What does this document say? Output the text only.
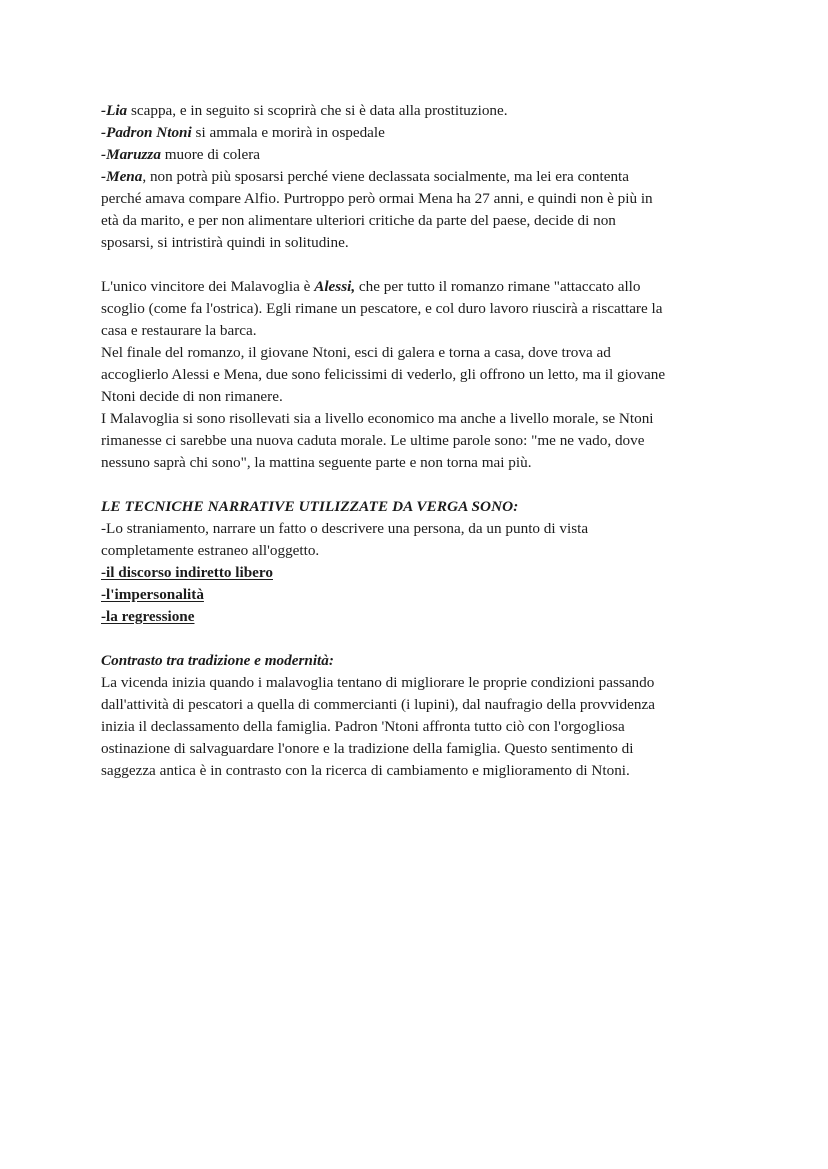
-Lia scappa, e in seguito si scoprirà che si è data alla prostituzione.
-Padron Ntoni si ammala e morirà in ospedale
-Maruzza muore di colera
-Mena, non potrà più sposarsi perché viene declassata socialmente, ma lei era contenta
perché amava compare Alfio. Purtroppo però ormai Mena ha 27 anni, e quindi non è più in
età da marito, e per non alimentare ulteriori critiche da parte del paese, decide di non
sposarsi, si intristirà quindi in solitudine.
L'unico vincitore dei Malavoglia è Alessi, che per tutto il romanzo rimane "attaccato allo
scoglio (come fa l'ostrica). Egli rimane un pescatore, e col duro lavoro riuscirà a riscattare la
casa e restaurare la barca.
Nel finale del romanzo, il giovane Ntoni, esci di galera e torna a casa, dove trova ad
accoglierlo Alessi e Mena, due sono felicissimi di vederlo, gli offrono un letto, ma il giovane
Ntoni decide di non rimanere.
I Malavoglia si sono risollevati sia a livello economico ma anche a livello morale, se Ntoni
rimanesse ci sarebbe una nuova caduta morale. Le ultime parole sono: "me ne vado, dove
nessuno saprà chi sono", la mattina seguente parte e non torna mai più.
LE TECNICHE NARRATIVE UTILIZZATE DA VERGA SONO:
-Lo straniamento, narrare un fatto o descrivere una persona, da un punto di vista
completamente estraneo all'oggetto.
-il discorso indiretto libero
-l'impersonalità
-la regressione
Contrasto tra tradizione e modernità:
La vicenda inizia quando i malavoglia tentano di migliorare le proprie condizioni passando
dall'attività di pescatori a quella di commercianti (i lupini), dal naufragio della provvidenza
inizia il declassamento della famiglia. Padron 'Ntoni affronta tutto ciò con l'orgogliosa
ostinazione di salvaguardare l'onore e la tradizione della famiglia. Questo sentimento di
saggezza antica è in contrasto con la ricerca di cambiamento e miglioramento di Ntoni.
